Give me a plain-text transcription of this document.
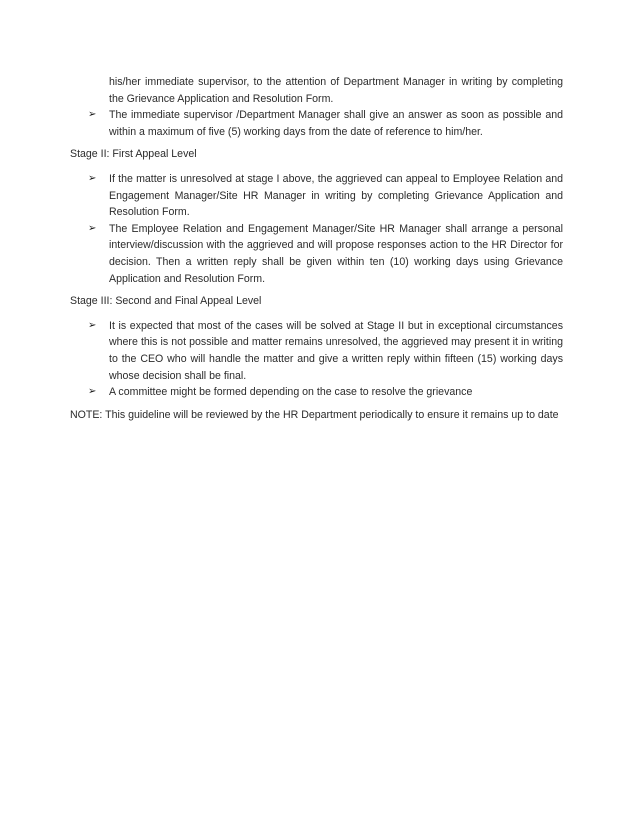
his/her immediate supervisor, to the attention of Department Manager in writing by completing the Grievance Application and Resolution Form.

➢ The immediate supervisor /Department Manager shall give an answer as soon as possible and within a maximum of five (5) working days from the date of reference to him/her.

Stage II: First Appeal Level

➢ If the matter is unresolved at stage I above, the aggrieved can appeal to Employee Relation and Engagement Manager/Site HR Manager in writing by completing Grievance Application and Resolution Form.
➢ The Employee Relation and Engagement Manager/Site HR Manager shall arrange a personal interview/discussion with the aggrieved and will propose responses action to the HR Director for decision. Then a written reply shall be given within ten (10) working days using Grievance Application and Resolution Form.

Stage III: Second and Final Appeal Level

➢ It is expected that most of the cases will be solved at Stage II but in exceptional circumstances where this is not possible and matter remains unresolved, the aggrieved may present it in writing to the CEO who will handle the matter and give a written reply within fifteen (15) working days whose decision shall be final.
➢ A committee might be formed depending on the case to resolve the grievance

NOTE: This guideline will be reviewed by the HR Department periodically to ensure it remains up to date
